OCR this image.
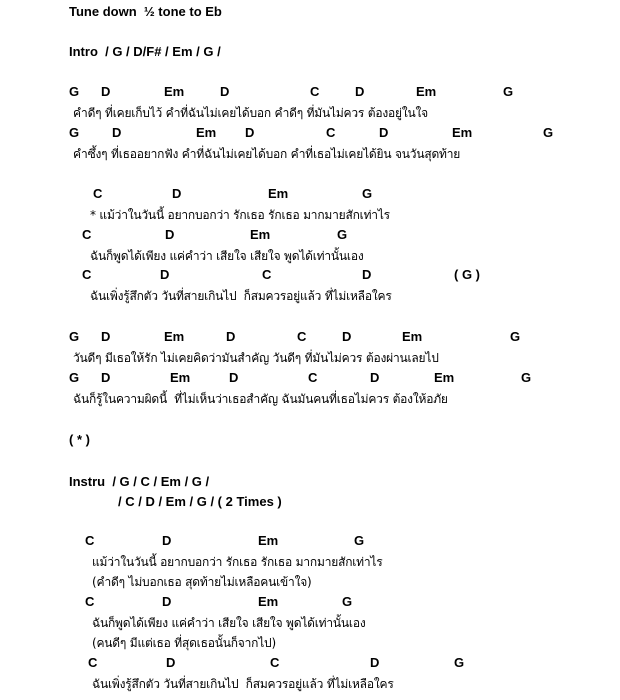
Tune down  ½ tone to Eb
Intro  / G / D/F# / Em / G /
G D	Em	D	C	D	Em	G
คำดีๆ ที่เคยเก็บไว้ คำที่ฉันไม่เคยได้บอก คำดีๆ ที่มันไม่ควร ต้องอยู่ในใจ
G	D	Em D	C	D	Em	G
คำซึ้งๆ ที่เธออยากฟัง คำที่ฉันไม่เคยได้บอก คำที่เธอไม่เคยได้ยิน จนวันสุดท้าย
C	D	Em	G
* แม้ว่าในวันนี้ อยากบอกว่า รักเธอ รักเธอ มากมายสักเท่าไร
C	D	Em	G
ฉันก็พูดได้เพียง แค่คำว่า เสียใจ เสียใจ พูดได้เท่านั้นเอง
C	D	C	D	( G )
ฉันเพิ่งรู้สึกตัว วันที่สายเกินไป  ก็สมควรอยู่แล้ว ที่ไม่เหลือใคร
G D	Em	D	C	D	Em	G
วันดีๆ มีเธอให้รัก ไม่เคยคิดว่ามันสำคัญ วันดีๆ ที่มันไม่ควร ต้องผ่านเลยไป
G D	Em	D	C	D	Em	G
ฉันก็รู้ในความผิดนี้  ที่ไม่เห็นว่าเธอสำคัญ ฉันมันคนที่เธอไม่ควร ต้องให้อภัย
( * )
Instru  / G / C / Em / G /
/ C / D / Em / G / ( 2 Times )
C	D	Em	G
แม้ว่าในวันนี้ อยากบอกว่า รักเธอ รักเธอ มากมายสักเท่าไร
(คำดีๆ ไม่บอกเธอ สุดท้ายไม่เหลือคนเข้าใจ)
C	D	Em	G
ฉันก็พูดได้เพียง แค่คำว่า เสียใจ เสียใจ พูดได้เท่านั้นเอง
(คนดีๆ มีแต่เธอ ที่สุดเธอนั้นก็จากไป)
C	D	C	D	G
ฉันเพิ่งรู้สึกตัว วันที่สายเกินไป  ก็สมควรอยู่แล้ว ที่ไม่เหลือใคร
